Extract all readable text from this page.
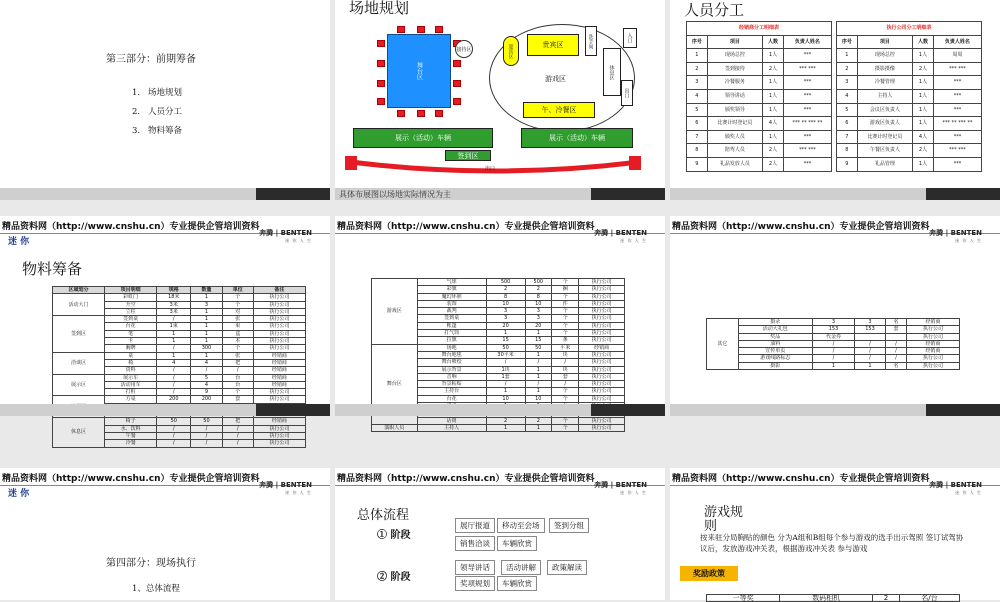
第三部分：前期筹备
1. 场地规划
2. 人员分工
3. 物料筹备
场地规划
舞台区
接待区	迎宾区	贵宾区
游戏区
午、冷餐区
洗手间
休息区
入口
出口
展示（活动）车辆	展示（活动）车辆
签到区
出口
具体布展图以场地实际情况为主
人员分工
经销商分工明细表			
序号	项目	人数	负责人姓名
1	现场总控	1人	***
2	签到接待	2人	*** ***
3	冷餐服务	1人	***
4	领导讲话	1人	***
5	颁奖领导	1人	***
6	比赛计时登记员	4人	*** ** *** **
7	颁奖人员	1人	***
8	陪驾人员	2人	*** ***
9	礼品发放人员	2人	***
执行公司分工明细表			
序号	项目	人数	负责人姓名
1	现场总控	1人	周周
2	摄影摄像	2人	*** ***
3	冷餐管理	1人	***
4	主持人	1人	***
5	会议区负责人	1人	***
6	游戏区负责人	1人	*** ** *** **
7	比赛计时登记员	4人	***
8	午餐区负责人	2人	*** ***
9	礼品管理	1人	***
精品资料网（http://www.cnshu.cn）专业提供企管培训资料
迷 你
奔腾 | BENTEN
迷 你 人 生
物料筹备
区域划分	项目明细	规格	数量	单位	备注
活动大门	彩虹门	18米	1	个	执行公司
	升空	3米	3	个	执行公司
	立柱	3米	1	对	执行公司
签到区	签到桌	/	1	张	执行公司
	台花	1束	1	束	执行公司
	笔	1	1	盒	执行公司
	卡	1	1	本	执行公司
	胸牌	/	300	个	执行公司
洽谈区	桌	1	1	张	经销商
	椅	4	4	把	经销商
	资料	/	/	/	经销商
展示区	展示车	/	5	台	经销商
	活动用车	/	4	台	经销商
	打桩	/	9	个	执行公司
	方桌	200	200	套	执行公司

休息区	椅子	50	50	把	经销商
	水、饮料	/	/	/	执行公司
	午餐	/	/	/	执行公司
	冷餐	/	/	/	执行公司
精品资料网（http://www.cnshu.cn）专业提供企管培训资料
奔腾 | BENTEN
迷 你 人 生
游戏区	气球	500	500	个	执行公司
	彩旗	2	2	捆	执行公司
	魔幻环胆	8	8	个	执行公司
	装饰	10	10	件	执行公司
	裁判	3	3	个	执行公司
	签到桌	3	3	个	执行公司
	帐篷	20	20	个	执行公司
	打气筒	1	1	个	执行公司
	拉旗	15	15	条	执行公司
舞台区	场地	50	50	平米	经销商
	舞台地毯	30平米	1	块	执行公司
	舞台喷绘	/	/	/	执行公司
	展示背景	1块	1	块	执行公司
	音响	1套	1	套	执行公司
	背景粘贴	/	/	/	执行公司
	主持台	1	1	个	执行公司
	台花	10	10	个	执行公司

	话筒	2	2	个	执行公司
演职人员	主持人	1	1	个	执行公司
精品资料网（http://www.cnshu.cn）专业提供企管培训资料
奔腾 | BENTEN
迷 你 人 生
其它	摄录	3	3	名	经销商
	活动大礼包	153	153	套	执行公司
	奖品	代金券			执行公司
	油料	/	/	/	经销商
	宣传单页	/	/	/	经销商
	游戏线路标志	/	/	/	执行公司
	摄影	1	1	名	执行公司
精品资料网（http://www.cnshu.cn）专业提供企管培训资料
迷 你
奔腾 | BENTEN
迷 你 人 生
第四部分：现场执行
1、总体流程
精品资料网（http://www.cnshu.cn）专业提供企管培训资料
奔腾 | BENTEN
迷 你 人 生
总体流程
① 阶段
展厅报道	移动至会场	签到分组
销售洽谈	车辆欣赏
② 阶段
领导讲话	活动讲解	政策解读
奖项规划	车辆欣赏
精品资料网（http://www.cnshu.cn）专业提供企管培训资料
奔腾 | BENTEN
迷 你 人 生
游戏规则
按来驻分局胸贴的颜色 分为A组和B组每个参与游戏的选手出示驾照 签订试驾协议后，发放游戏冲关表，根据游戏冲关表 参与游戏
奖励政策
一等奖	数码相机	2	名/台
